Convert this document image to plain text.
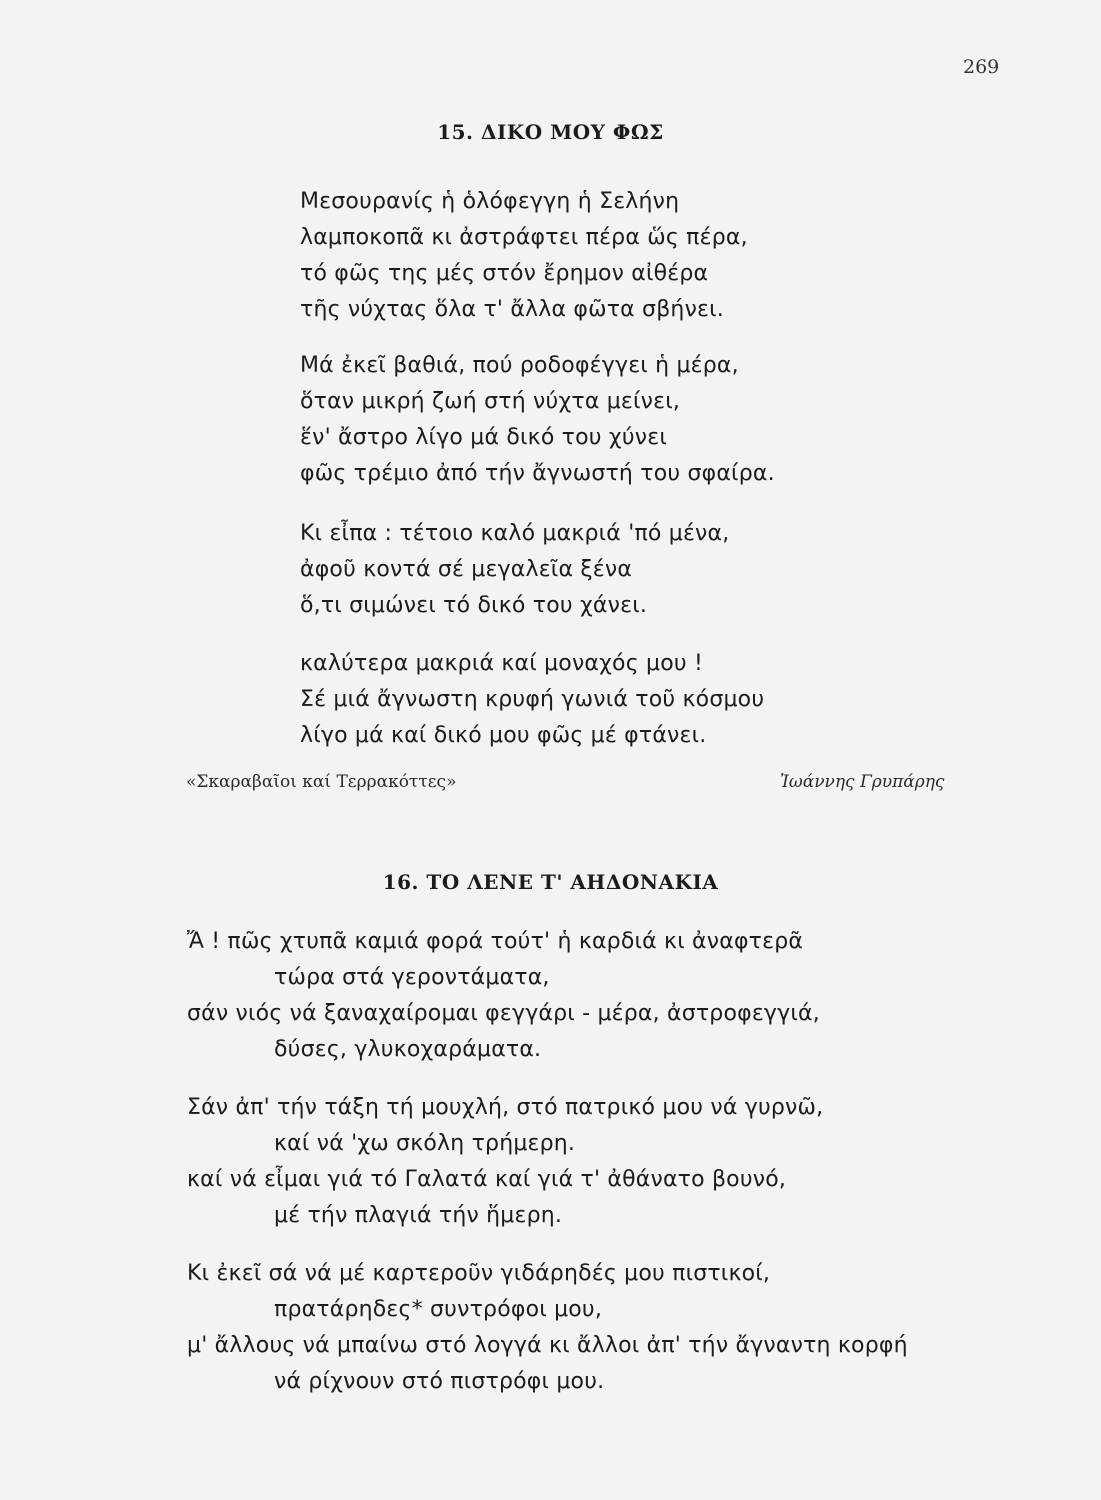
269
15. ΔΙΚΟ ΜΟΥ ΦΩΣ
Μεσουρανίς ἡ ὁλόφεγγη ἡ Σελήνη
λαμποκοπᾶ κι ἀστράφτει πέρα ὥς πέρα,
τό φῶς της μές στόν ἔρημον αἰθέρα
τῆς νύχτας ὅλα τ' ἄλλα φῶτα σβήνει.
Μά ἐκεῖ βαθιά, πού ροδοφέγγει ἡ μέρα,
ὅταν μικρή ζωή στή νύχτα μείνει,
ἕν' ἄστρο λίγο μά δικό του χύνει
φῶς τρέμιο ἀπό τήν ἄγνωστή του σφαίρα.
Κι εἶπα : τέτοιο καλό μακριά 'πό μένα,
ἀφοῦ κοντά σέ μεγαλεῖα ξένα
ὅ,τι σιμώνει τό δικό του χάνει.
καλύτερα μακριά καί μοναχός μου !
Σέ μιά ἄγνωστη κρυφή γωνιά τοῦ κόσμου
λίγο μά καί δικό μου φῶς μέ φτάνει.
«Σκαραβαῖοι καί Τερρακόττες»	Ἰωάννης Γρυπάρης
16. ΤΟ ΛΕΝΕ Τ' ΑΗΔΟΝΑΚΙΑ
Ἄ ! πῶς χτυπᾶ καμιά φορά τούτ' ἡ καρδιά κι ἀναφτερᾶ
τώρα στά γεροντάματα,
σάν νιός νά ξαναχαίρομαι φεγγάρι - μέρα, ἀστροφεγγιά,
δύσες, γλυκοχαράματα.
Σάν ἀπ' τήν τάξη τή μουχλή, στό πατρικό μου νά γυρνῶ,
καί νά 'χω σκόλη τρήμερη.
καί νά εἶμαι γιά τό Γαλατά καί γιά τ' ἀθάνατο βουνό,
μέ τήν πλαγιά τήν ἥμερη.
Κι ἐκεῖ σά νά μέ καρτεροῦν γιδάρηδές μου πιστικοί,
πρατάρηδες* συντρόφοι μου,
μ' ἄλλους νά μπαίνω στό λογγά κι ἄλλοι ἀπ' τήν ἄγναντη κορφή
νά ρίχνουν στό πιστρόφι μου.
